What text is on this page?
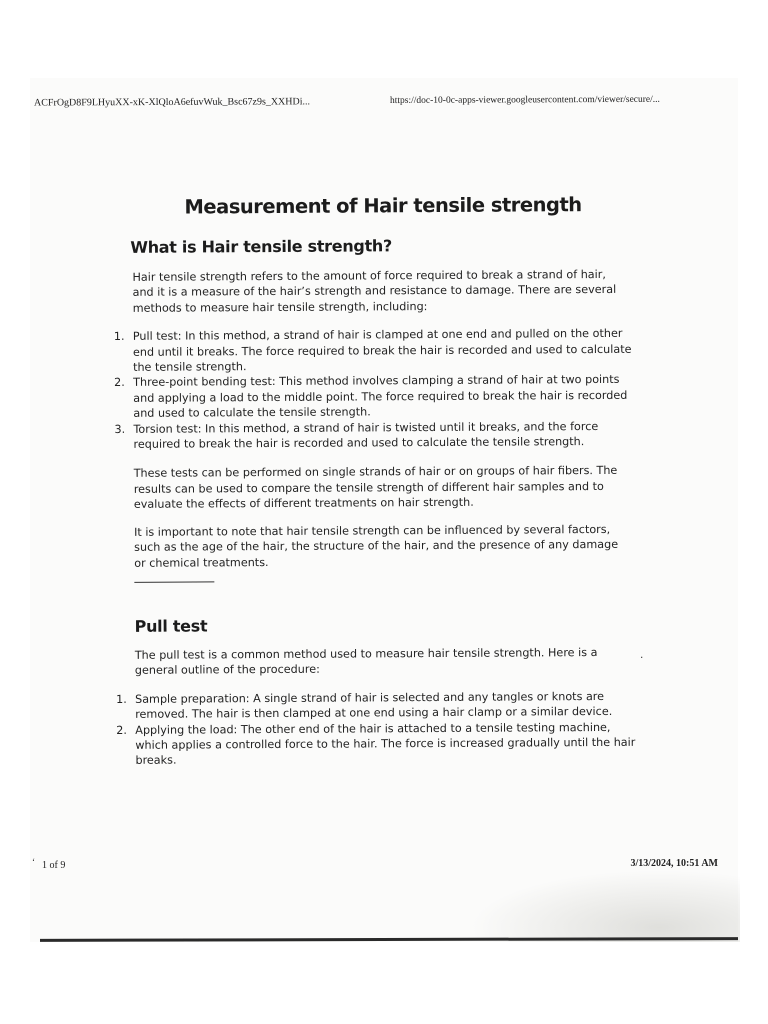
ACFrOgD8F9LHyuXX-xK-XlQloA6efuvWuk_Bsc67z9s_XXHDi...	https://doc-10-0c-apps-viewer.googleusercontent.com/viewer/secure/...
Measurement of Hair tensile strength
What is Hair tensile strength?

Hair tensile strength refers to the amount of force required to break a strand of hair, and it is a measure of the hair’s strength and resistance to damage. There are several methods to measure hair tensile strength, including:

1. Pull test: In this method, a strand of hair is clamped at one end and pulled on the other end until it breaks. The force required to break the hair is recorded and used to calculate the tensile strength.
2. Three-point bending test: This method involves clamping a strand of hair at two points and applying a load to the middle point. The force required to break the hair is recorded and used to calculate the tensile strength.
3. Torsion test: In this method, a strand of hair is twisted until it breaks, and the force required to break the hair is recorded and used to calculate the tensile strength.

These tests can be performed on single strands of hair or on groups of hair fibers. The results can be used to compare the tensile strength of different hair samples and to evaluate the effects of different treatments on hair strength.

It is important to note that hair tensile strength can be influenced by several factors, such as the age of the hair, the structure of the hair, and the presence of any damage or chemical treatments.

Pull test

The pull test is a common method used to measure hair tensile strength. Here is a general outline of the procedure:

1. Sample preparation: A single strand of hair is selected and any tangles or knots are removed. The hair is then clamped at one end using a hair clamp or a similar device.
2. Applying the load: The other end of the hair is attached to a tensile testing machine, which applies a controlled force to the hair. The force is increased gradually until the hair breaks.
.
‘ 1 of 9	3/13/2024, 10:51 AM
